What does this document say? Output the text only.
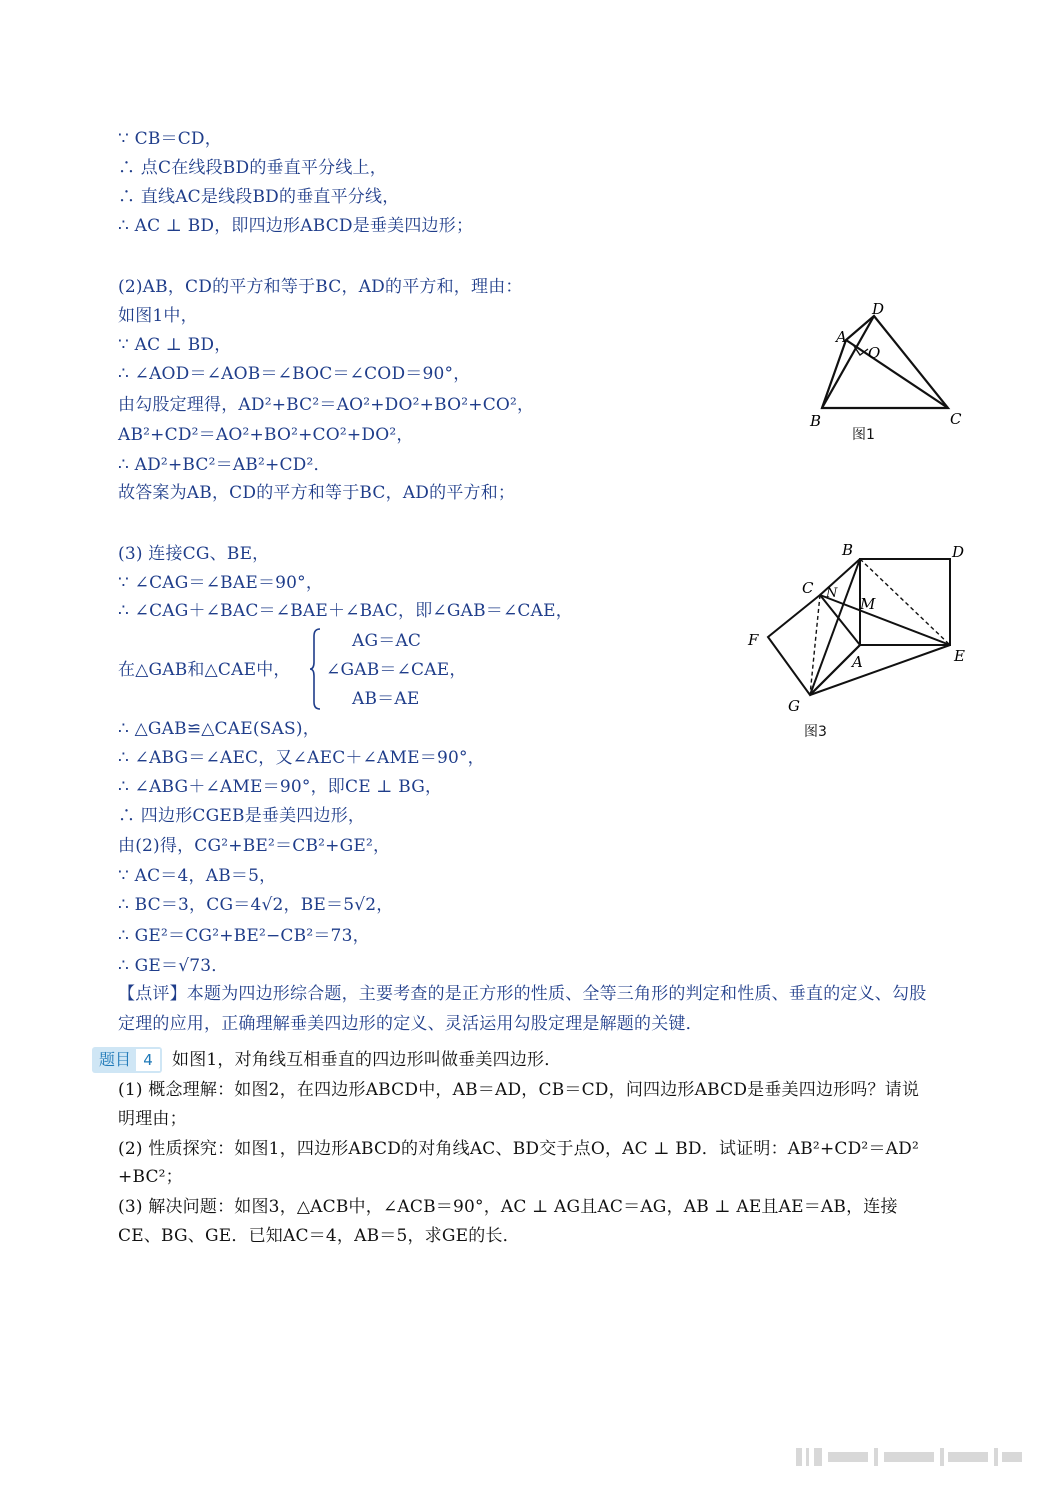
∵ CB＝CD，
∴ 点C在线段BD的垂直平分线上，
∴ 直线AC是线段BD的垂直平分线，
∴ AC ⊥ BD，即四边形ABCD是垂美四边形；
(2)AB，CD的平方和等于BC，AD的平方和，理由：
如图1中，
∵ AC ⊥ BD，
∴ ∠AOD＝∠AOB＝∠BOC＝∠COD＝90°，
由勾股定理得，AD²+BC²＝AO²+DO²+BO²+CO²，
AB²+CD²＝AO²+BO²+CO²+DO²，
∴ AD²+BC²＝AB²+CD²．
故答案为AB，CD的平方和等于BC，AD的平方和；
A
B	C
D
O
图1
(3) 连接CG、BE，
∵ ∠CAG＝∠BAE＝90°，
∴ ∠CAG＋∠BAC＝∠BAE＋∠BAC，即∠GAB＝∠CAE，
在△GAB和△CAE中，
AG＝AC
∠GAB＝∠CAE，
AB＝AE
∴ △GAB≌△CAE(SAS)，
∴ ∠ABG＝∠AEC，又∠AEC＋∠AME＝90°，
∴ ∠ABG＋∠AME＝90°，即CE ⊥ BG，
∴ 四边形CGEB是垂美四边形，
由(2)得，CG²+BE²＝CB²+GE²，
∵ AC＝4，AB＝5，
∴ BC＝3，CG＝4√2，BE＝5√2，
∴ GE²＝CG²+BE²−CB²＝73，
∴ GE＝√73．
B	D
E
A
C
F
G
M
N
图3
【点评】本题为四边形综合题，主要考查的是正方形的性质、全等三角形的判定和性质、垂直的定义、勾股
定理的应用，正确理解垂美四边形的定义、灵活运用勾股定理是解题的关键．
题目 4	如图1，对角线互相垂直的四边形叫做垂美四边形．
(1) 概念理解：如图2，在四边形ABCD中，AB＝AD，CB＝CD，问四边形ABCD是垂美四边形吗？请说
明理由；
(2) 性质探究：如图1，四边形ABCD的对角线AC、BD交于点O，AC ⊥ BD．试证明：AB²+CD²＝AD²
+BC²；
(3) 解决问题：如图3，△ACB中，∠ACB＝90°，AC ⊥ AG且AC＝AG，AB ⊥ AE且AE＝AB，连接
CE、BG、GE．已知AC＝4，AB＝5，求GE的长．
